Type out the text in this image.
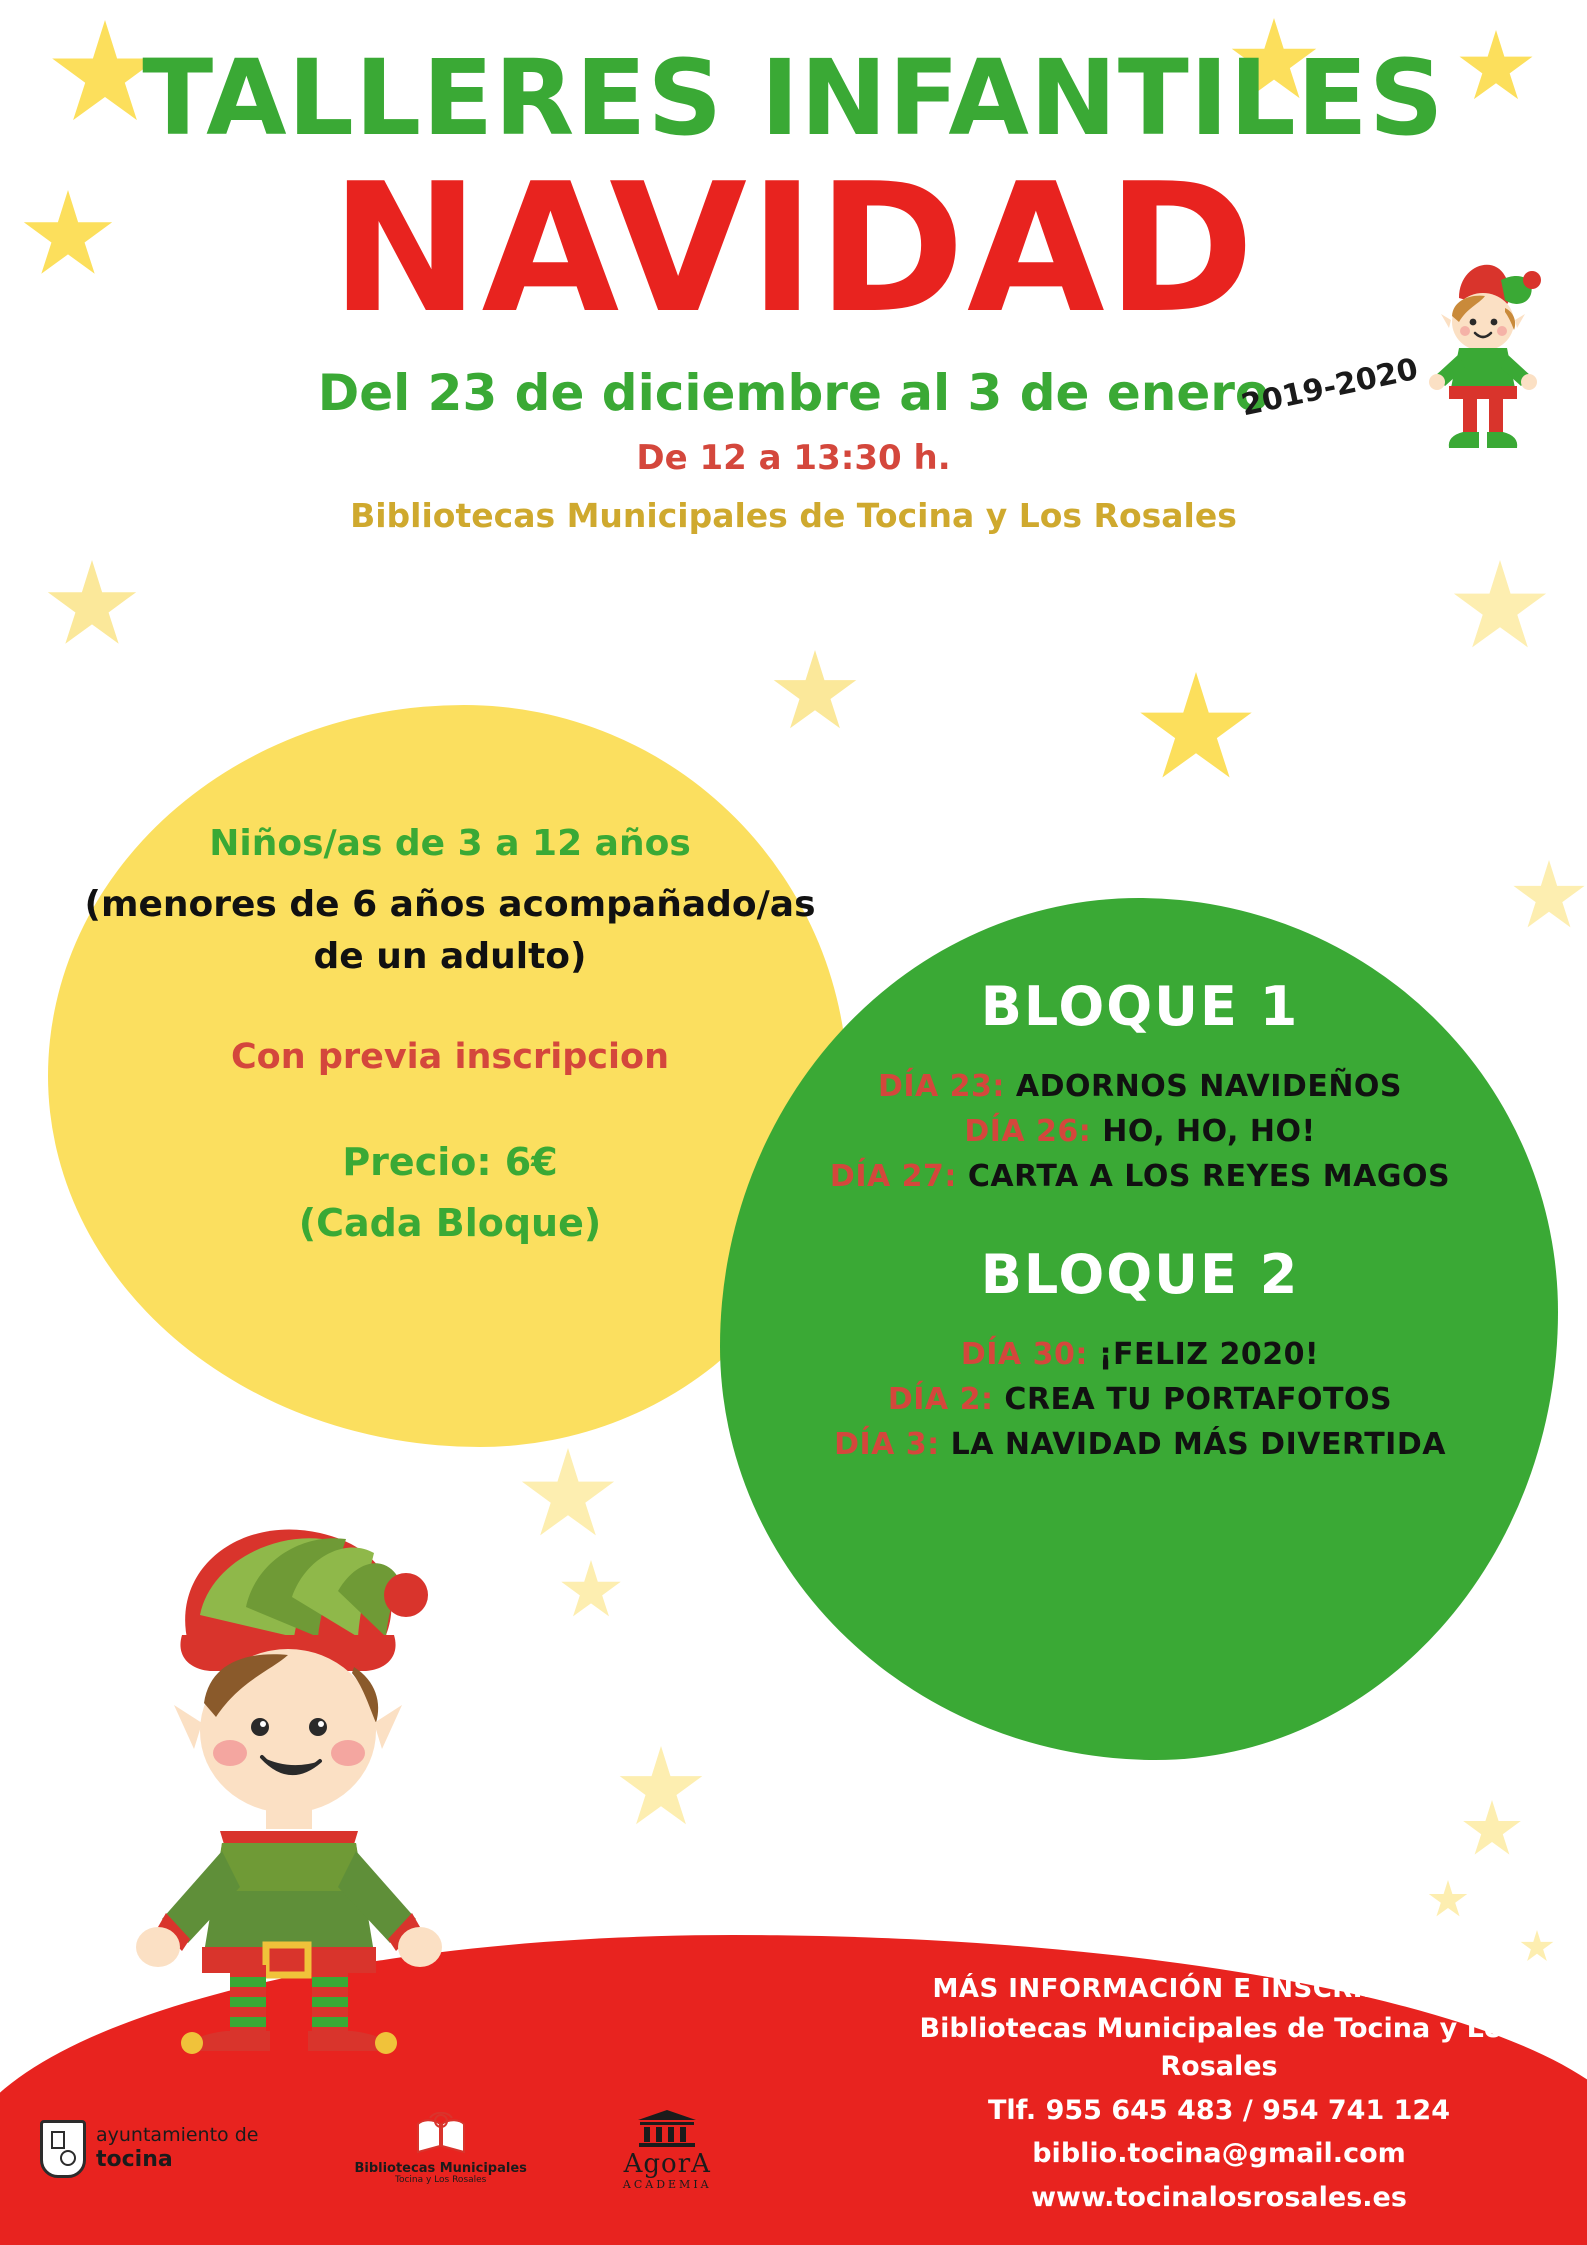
TALLERES INFANTILES
NAVIDAD
Del 23 de diciembre al 3 de enero
De 12 a 13:30 h.
Bibliotecas Municipales de Tocina y Los Rosales
2019-2020
Niños/as de 3 a 12 años
(menores de 6 años acompañado/as de un adulto)
Con previa inscripcion
Precio: 6€
(Cada Bloque)
BLOQUE 1
DÍA 23: ADORNOS NAVIDEÑOS
DÍA 26: HO, HO, HO!
DÍA 27: CARTA A LOS REYES MAGOS
BLOQUE 2
DÍA 30: ¡FELIZ 2020!
DÍA 2: CREA TU PORTAFOTOS
DÍA 3: LA NAVIDAD MÁS DIVERTIDA
MÁS INFORMACIÓN E INSCRIPCIONES:
Bibliotecas Municipales de Tocina y Los Rosales
Tlf. 955 645 483 / 954 741 124
biblio.tocina@gmail.com
www.tocinalosrosales.es
ayuntamiento de
tocina	Bibliotecas Municipales
Tocina y Los Rosales
AgorA
ACADEMIA
